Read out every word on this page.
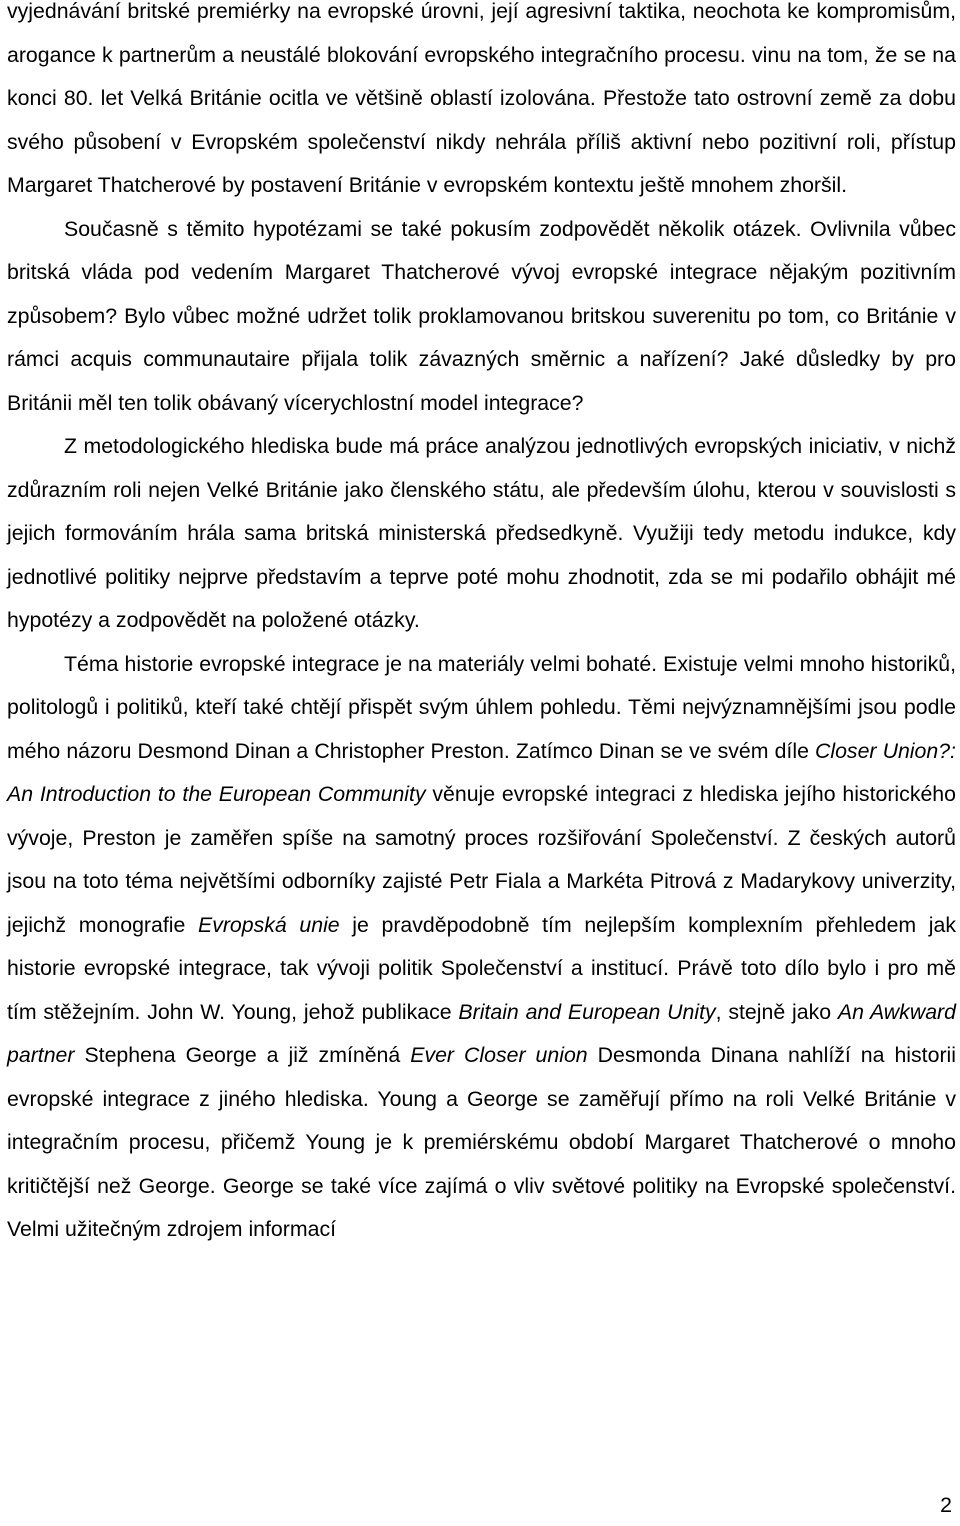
vyjednávání britské premiérky na evropské úrovni, její agresivní taktika, neochota ke kompromisům, arogance k partnerům a neustálé blokování evropského integračního procesu. vinu na tom, že se na konci 80. let Velká Británie ocitla ve většině oblastí izolována. Přestože tato ostrovní země za dobu svého působení v Evropském společenství nikdy nehrála příliš aktivní nebo pozitivní roli, přístup Margaret Thatcherové by postavení Británie v evropském kontextu ještě mnohem zhoršil.

Současně s těmito hypotézami se také pokusím zodpovědět několik otázek. Ovlivnila vůbec britská vláda pod vedením Margaret Thatcherové vývoj evropské integrace nějakým pozitivním způsobem? Bylo vůbec možné udržet tolik proklamovanou britskou suverenitu po tom, co Británie v rámci acquis communautaire přijala tolik závazných směrnic a nařízení? Jaké důsledky by pro Británii měl ten tolik obávaný vícerychlostní model integrace?

Z metodologického hlediska bude má práce analýzou jednotlivých evropských iniciativ, v nichž zdůrazním roli nejen Velké Británie jako členského státu, ale především úlohu, kterou v souvislosti s jejich formováním hrála sama britská ministerská předsedkyně. Využiji tedy metodu indukce, kdy jednotlivé politiky nejprve představím a teprve poté mohu zhodnotit, zda se mi podařilo obhájit mé hypotézy a zodpovědět na položené otázky.

Téma historie evropské integrace je na materiály velmi bohaté. Existuje velmi mnoho historiků, politologů i politiků, kteří také chtějí přispět svým úhlem pohledu. Těmi nejvýznamnějšími jsou podle mého názoru Desmond Dinan a Christopher Preston. Zatímco Dinan se ve svém díle Closer Union?: An Introduction to the European Community věnuje evropské integraci z hlediska jejího historického vývoje, Preston je zaměřen spíše na samotný proces rozšiřování Společenství. Z českých autorů jsou na toto téma největšími odborníky zajisté Petr Fiala a Markéta Pitrová z Madarykovy univerzity, jejichž monografie Evropská unie je pravděpodobně tím nejlepším komplexním přehledem jak historie evropské integrace, tak vývoji politik Společenství a institucí. Právě toto dílo bylo i pro mě tím stěžejním. John W. Young, jehož publikace Britain and European Unity, stejně jako An Awkward partner Stephena George a již zmíněná Ever Closer union Desmonda Dinana nahlíží na historii evropské integrace z jiného hlediska. Young a George se zaměřují přímo na roli Velké Británie v integračním procesu, přičemž Young je k premiérskému období Margaret Thatcherové o mnoho kritičtější než George. George se také více zajímá o vliv světové politiky na Evropské společenství. Velmi užitečným zdrojem informací

2
